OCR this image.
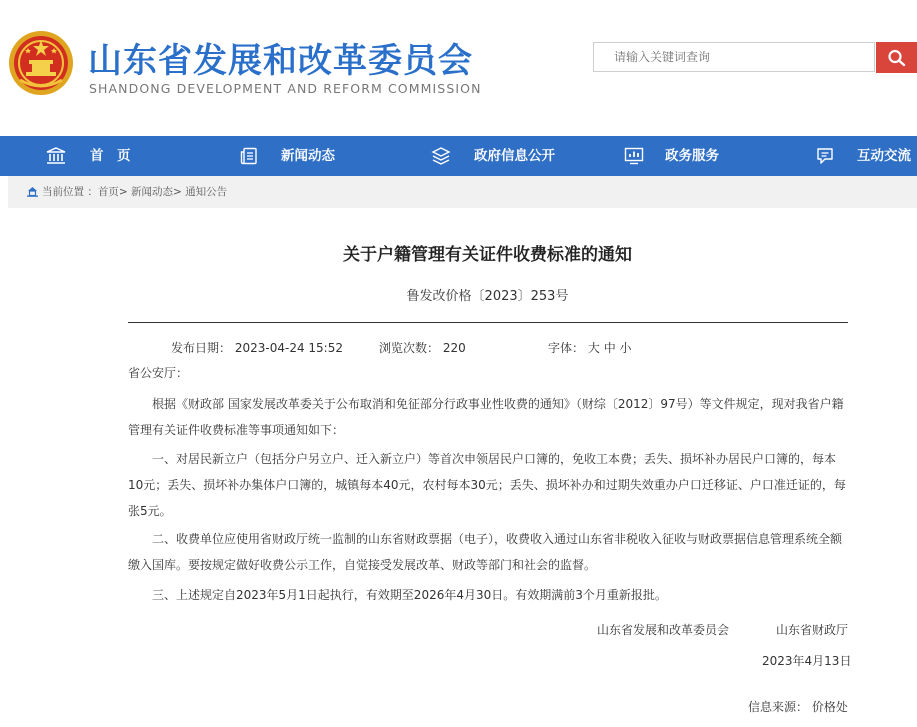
山东省发展和改革委员会
SHANDONG DEVELOPMENT AND REFORM COMMISSION
请输入关键词查询
首　页	新闻动态	政府信息公开	政务服务	互动交流
当前位置 ：首页> 新闻动态> 通知公告
关于户籍管理有关证件收费标准的通知
鲁发改价格〔2023〕253号
发布日期： 2023-04-24 15:52	浏览次数： 220	字体： 大 中 小

省公安厅：

根据《财政部 国家发展改革委关于公布取消和免征部分行政事业性收费的通知》（财综〔2012〕97号）等文件规定，现对我省户籍管理有关证件收费标准等事项通知如下：

一、对居民新立户（包括分户另立户、迁入新立户）等首次申领居民户口簿的，免收工本费；丢失、损坏补办居民户口簿的，每本10元；丢失、损坏补办集体户口簿的，城镇每本40元，农村每本30元；丢失、损坏补办和过期失效重办户口迁移证、户口准迁证的，每张5元。

二、收费单位应使用省财政厅统一监制的山东省财政票据（电子），收费收入通过山东省非税收入征收与财政票据信息管理系统全额缴入国库。要按规定做好收费公示工作，自觉接受发展改革、财政等部门和社会的监督。

三、上述规定自2023年5月1日起执行，有效期至2026年4月30日。有效期满前3个月重新报批。

山东省发展和改革委员会	山东省财政厅
2023年4月13日
信息来源： 价格处
